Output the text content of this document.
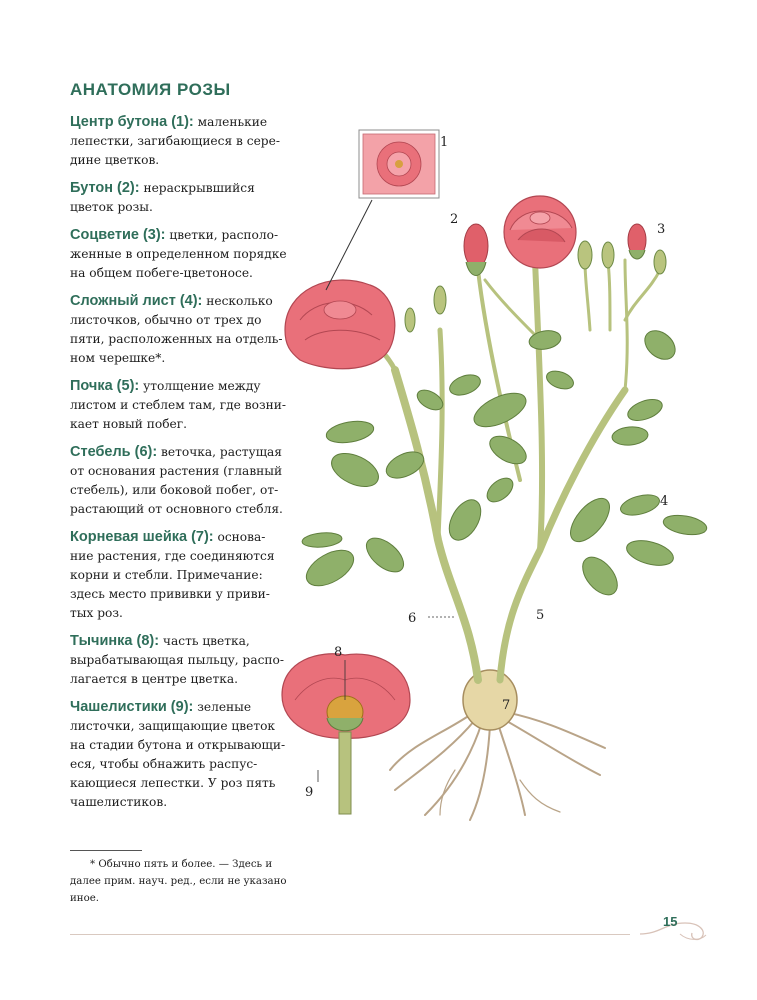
АНАТОМИЯ РОЗЫ

Центр бутона (1): маленькие

лепестки, загибающиеся в сере-

дине цветков.

Бутон (2): нераскрывшийся

цветок розы.

Соцветие (3): цветки, располо-

женные в определенном порядке

на общем побеге-цветоносе.

Сложный лист (4): несколько

листочков, обычно от трех до

пяти, расположенных на отдель-

ном черешке*.

Почка (5): утолщение между

листом и стеблем там, где возни-

кает новый побег.

Стебель (6): веточка, растущая

от основания растения (главный

стебель), или боковой побег, от-

растающий от основного стебля.

Корневая шейка (7): основа-

ние растения, где соединяются

корни и стебли. Примечание:

здесь место прививки у приви-

тых роз.

Тычинка (8): часть цветка,

вырабатывающая пыльцу, распо-

лагается в центре цветка.

Чашелистики (9): зеленые

листочки, защищающие цветок

на стадии бутона и открывающи-

еся, чтобы обнажить распус-

кающиеся лепестки. У роз пять

чашелистиков.

* Обычно пять и более. — Здесь и

далее прим. науч. ред., если не указано

иное.

1
2
3
4
5
6
7
8
9
15
